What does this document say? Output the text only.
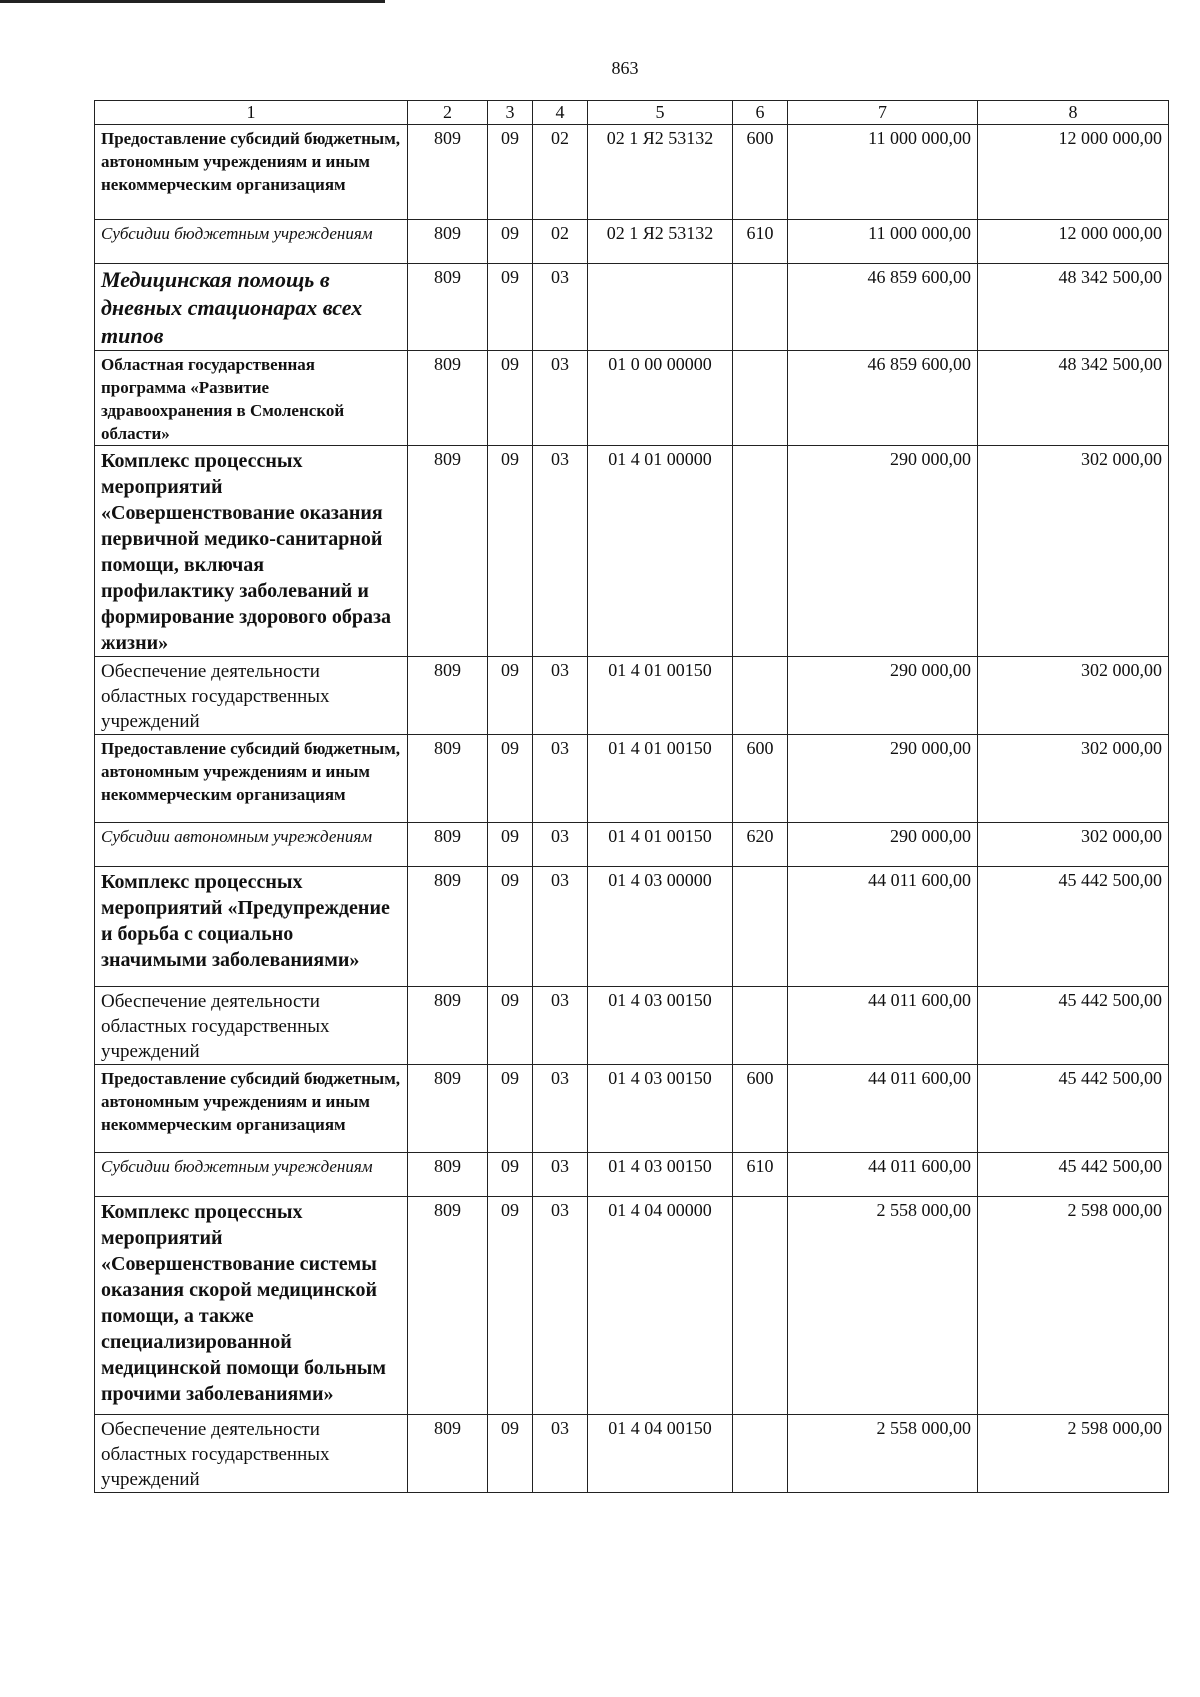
863
1	2	3	4	5	6	7	8
Предоставление субсидий бюджетным, автономным учреждениям и иным некоммерческим организациям	809	09	02	02 1 Я2 53132	600	11 000 000,00	12 000 000,00
Субсидии бюджетным учреждениям	809	09	02	02 1 Я2 53132	610	11 000 000,00	12 000 000,00
Медицинская помощь в дневных стационарах всех типов	809	09	03			46 859 600,00	48 342 500,00
Областная государственная программа «Развитие здравоохранения в Смоленской области»	809	09	03	01 0 00 00000		46 859 600,00	48 342 500,00
Комплекс процессных мероприятий «Совершенствование оказания первичной медико-санитарной помощи, включая профилактику заболеваний и формирование здорового образа жизни»	809	09	03	01 4 01 00000		290 000,00	302 000,00
Обеспечение деятельности областных государственных учреждений	809	09	03	01 4 01 00150		290 000,00	302 000,00
Предоставление субсидий бюджетным, автономным учреждениям и иным некоммерческим организациям	809	09	03	01 4 01 00150	600	290 000,00	302 000,00
Субсидии автономным учреждениям	809	09	03	01 4 01 00150	620	290 000,00	302 000,00
Комплекс процессных мероприятий «Предупреждение и борьба с социально значимыми заболеваниями»	809	09	03	01 4 03 00000		44 011 600,00	45 442 500,00
Обеспечение деятельности областных государственных учреждений	809	09	03	01 4 03 00150		44 011 600,00	45 442 500,00
Предоставление субсидий бюджетным, автономным учреждениям и иным некоммерческим организациям	809	09	03	01 4 03 00150	600	44 011 600,00	45 442 500,00
Субсидии бюджетным учреждениям	809	09	03	01 4 03 00150	610	44 011 600,00	45 442 500,00
Комплекс процессных мероприятий «Совершенствование системы оказания скорой медицинской помощи, а также специализированной медицинской помощи больным прочими заболеваниями»	809	09	03	01 4 04 00000		2 558 000,00	2 598 000,00
Обеспечение деятельности областных государственных учреждений	809	09	03	01 4 04 00150		2 558 000,00	2 598 000,00
